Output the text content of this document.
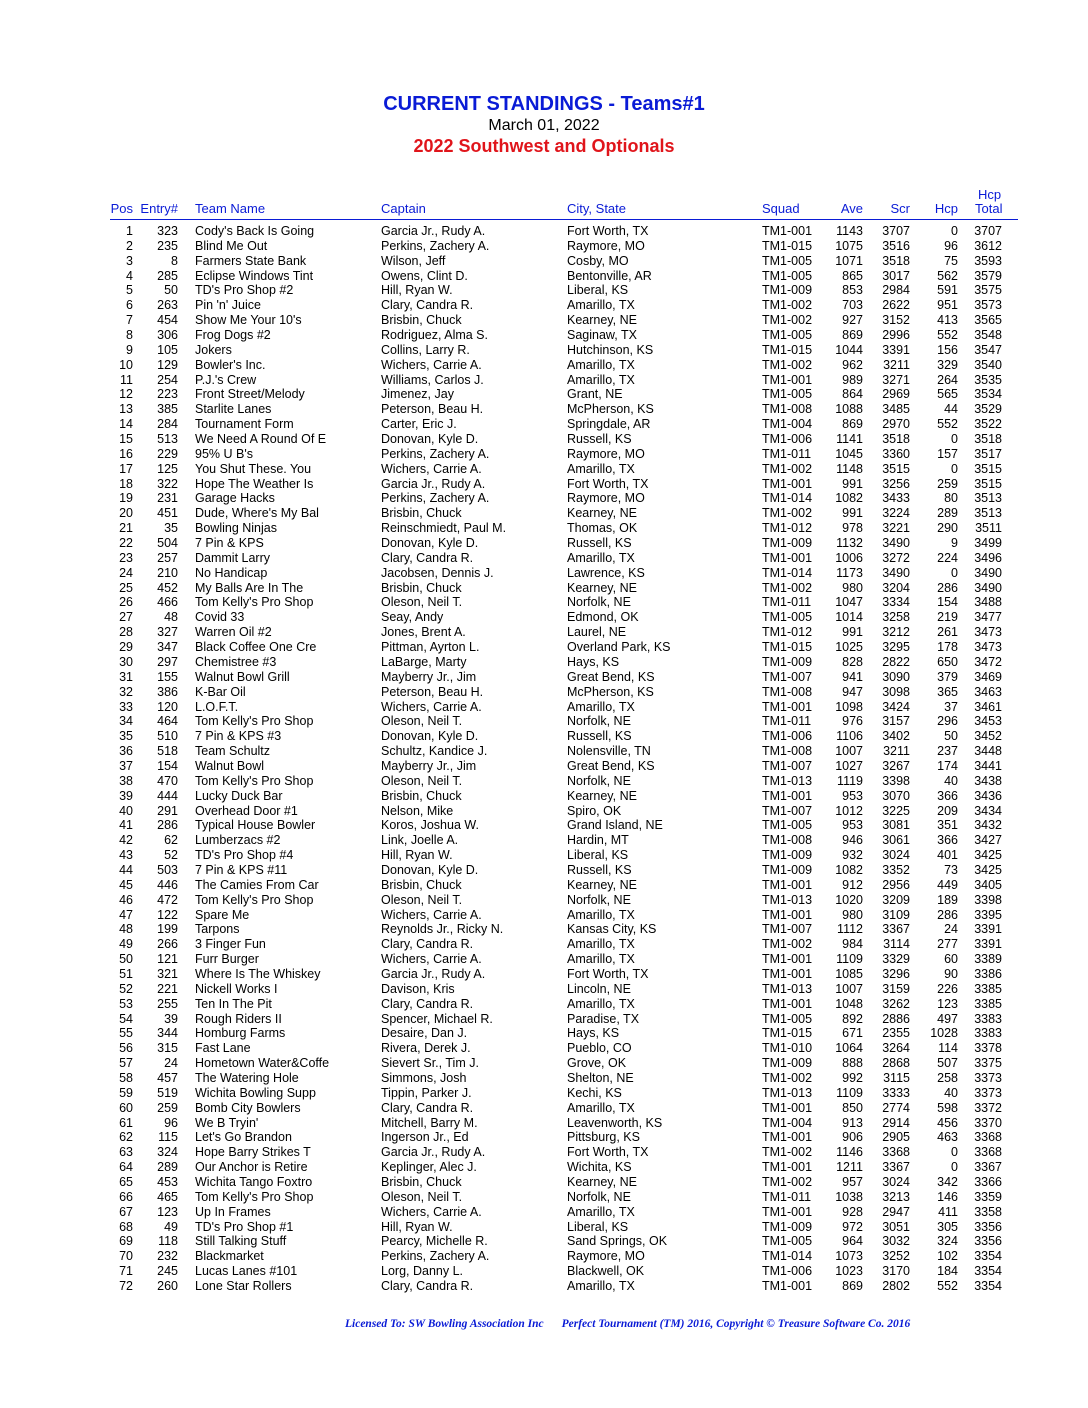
CURRENT STANDINGS - Teams#1
March 01, 2022
2022 Southwest and Optionals
Pos Entry# Team Name	Captain	City, State	Squad	Ave Scr Hcp
Hcp
Total
1 323 Cody's Back Is Going	Garcia Jr., Rudy A.	Fort Worth, TX	TM1-001 1143 3707	0 3707
2 235 Blind Me Out	Perkins, Zachery A.	Raymore, MO	TM1-015 1075 3516	96 3612
3	8 Farmers State Bank	Wilson, Jeff	Cosby, MO	TM1-005 1071 3518	75 3593
4 285 Eclipse Windows Tint	Owens, Clint D.	Bentonville, AR	TM1-005 865 3017 562 3579
5 50 TD's Pro Shop #2	Hill, Ryan W.	Liberal, KS	TM1-009 853 2984 591 3575
6 263 Pin 'n' Juice	Clary, Candra R.	Amarillo, TX	TM1-002 703 2622 951 3573
7 454 Show Me Your 10's	Brisbin, Chuck	Kearney, NE	TM1-002 927 3152 413 3565
8 306 Frog Dogs #2	Rodriguez, Alma S.	Saginaw, TX	TM1-005 869 2996 552 3548
9 105 Jokers	Collins, Larry R.	Hutchinson, KS	TM1-015 1044 3391 156 3547
10 129 Bowler's Inc.	Wichers, Carrie A.	Amarillo, TX	TM1-002 962 3211 329 3540
11 254 P.J.'s Crew	Williams, Carlos J.	Amarillo, TX	TM1-001 989 3271 264 3535
12 223 Front Street/Melody	Jimenez, Jay	Grant, NE	TM1-005 864 2969 565 3534
13 385 Starlite Lanes	Peterson, Beau H.	McPherson, KS	TM1-008 1088 3485	44 3529
14 284 Tournament Form	Carter, Eric J.	Springdale, AR	TM1-004 869 2970 552 3522
15 513 We Need A Round Of E	Donovan, Kyle D.	Russell, KS	TM1-006 1141 3518	0 3518
16 229 95% U B's	Perkins, Zachery A.	Raymore, MO	TM1-011 1045 3360 157 3517
17 125 You Shut These. You	Wichers, Carrie A.	Amarillo, TX	TM1-002 1148 3515	0 3515
18 322 Hope The Weather Is	Garcia Jr., Rudy A.	Fort Worth, TX	TM1-001 991 3256 259 3515
19 231 Garage Hacks	Perkins, Zachery A.	Raymore, MO	TM1-014 1082 3433	80 3513
20 451 Dude, Where's My Bal	Brisbin, Chuck	Kearney, NE	TM1-002 991 3224 289 3513
21 35 Bowling Ninjas	Reinschmiedt, Paul M.	Thomas, OK	TM1-012 978 3221 290 3511
22 504 7 Pin & KPS	Donovan, Kyle D.	Russell, KS	TM1-009 1132 3490	9 3499
23 257 Dammit Larry	Clary, Candra R.	Amarillo, TX	TM1-001 1006 3272 224 3496
24 210 No Handicap	Jacobsen, Dennis J.	Lawrence, KS	TM1-014 1173 3490	0 3490
25 452 My Balls Are In The	Brisbin, Chuck	Kearney, NE	TM1-002 980 3204 286 3490
26 466 Tom Kelly's Pro Shop	Oleson, Neil T.	Norfolk, NE	TM1-011 1047 3334 154 3488
27 48 Covid 33	Seay, Andy	Edmond, OK	TM1-005 1014 3258 219 3477
28 327 Warren Oil #2	Jones, Brent A.	Laurel, NE	TM1-012 991 3212 261 3473
29 347 Black Coffee One Cre	Pittman, Ayrton L.	Overland Park, KS	TM1-015 1025 3295 178 3473
30 297 Chemistree #3	LaBarge, Marty	Hays, KS	TM1-009 828 2822 650 3472
31 155 Walnut Bowl Grill	Mayberry Jr., Jim	Great Bend, KS	TM1-007 941 3090 379 3469
32 386 K-Bar Oil	Peterson, Beau H.	McPherson, KS	TM1-008 947 3098 365 3463
33 120 L.O.F.T.	Wichers, Carrie A.	Amarillo, TX	TM1-001 1098 3424	37 3461
34 464 Tom Kelly's Pro Shop	Oleson, Neil T.	Norfolk, NE	TM1-011 976 3157 296 3453
35 510 7 Pin & KPS #3	Donovan, Kyle D.	Russell, KS	TM1-006 1106 3402	50 3452
36 518 Team Schultz	Schultz, Kandice J.	Nolensville, TN	TM1-008 1007 3211 237 3448
37 154 Walnut Bowl	Mayberry Jr., Jim	Great Bend, KS	TM1-007 1027 3267 174 3441
38 470 Tom Kelly's Pro Shop	Oleson, Neil T.	Norfolk, NE	TM1-013 1119 3398	40 3438
39 444 Lucky Duck Bar	Brisbin, Chuck	Kearney, NE	TM1-001 953 3070 366 3436
40 291 Overhead Door #1	Nelson, Mike	Spiro, OK	TM1-007 1012 3225 209 3434
41 286 Typical House Bowler	Koros, Joshua W.	Grand Island, NE	TM1-005 953 3081 351 3432
42 62 Lumberzacs #2	Link, Joelle A.	Hardin, MT	TM1-008 946 3061 366 3427
43 52 TD's Pro Shop #4	Hill, Ryan W.	Liberal, KS	TM1-009 932 3024 401 3425
44 503 7 Pin & KPS #11	Donovan, Kyle D.	Russell, KS	TM1-009 1082 3352	73 3425
45 446 The Camies From Car	Brisbin, Chuck	Kearney, NE	TM1-001 912 2956 449 3405
46 472 Tom Kelly's Pro Shop	Oleson, Neil T.	Norfolk, NE	TM1-013 1020 3209 189 3398
47 122 Spare Me	Wichers, Carrie A.	Amarillo, TX	TM1-001 980 3109 286 3395
48 199 Tarpons	Reynolds Jr., Ricky N.	Kansas City, KS	TM1-007 1112 3367	24 3391
49 266 3 Finger Fun	Clary, Candra R.	Amarillo, TX	TM1-002 984 3114 277 3391
50 121 Furr Burger	Wichers, Carrie A.	Amarillo, TX	TM1-001 1109 3329	60 3389
51 321 Where Is The Whiskey	Garcia Jr., Rudy A.	Fort Worth, TX	TM1-001 1085 3296	90 3386
52 221 Nickell Works I	Davison, Kris	Lincoln, NE	TM1-013 1007 3159 226 3385
53 255 Ten In The Pit	Clary, Candra R.	Amarillo, TX	TM1-001 1048 3262 123 3385
54 39 Rough Riders II	Spencer, Michael R.	Paradise, TX	TM1-005 892 2886 497 3383
55 344 Homburg Farms	Desaire, Dan J.	Hays, KS	TM1-015 671 2355 1028 3383
56 315 Fast Lane	Rivera, Derek J.	Pueblo, CO	TM1-010 1064 3264 114 3378
57 24 Hometown Water&Coffe	Sievert Sr., Tim J.	Grove, OK	TM1-009 888 2868 507 3375
58 457 The Watering Hole	Simmons, Josh	Shelton, NE	TM1-002 992 3115 258 3373
59 519 Wichita Bowling Supp	Tippin, Parker J.	Kechi, KS	TM1-013 1109 3333	40 3373
60 259 Bomb City Bowlers	Clary, Candra R.	Amarillo, TX	TM1-001 850 2774 598 3372
61 96 We B Tryin'	Mitchell, Barry M.	Leavenworth, KS	TM1-004 913 2914 456 3370
62 115 Let's Go Brandon	Ingerson Jr., Ed	Pittsburg, KS	TM1-001 906 2905 463 3368
63 324 Hope Barry Strikes T	Garcia Jr., Rudy A.	Fort Worth, TX	TM1-002 1146 3368	0 3368
64 289 Our Anchor is Retire	Keplinger, Alec J.	Wichita, KS	TM1-001 1211 3367	0 3367
65 453 Wichita Tango Foxtro	Brisbin, Chuck	Kearney, NE	TM1-002 957 3024 342 3366
66 465 Tom Kelly's Pro Shop	Oleson, Neil T.	Norfolk, NE	TM1-011 1038 3213 146 3359
67 123 Up In Frames	Wichers, Carrie A.	Amarillo, TX	TM1-001 928 2947 411 3358
68 49 TD's Pro Shop #1	Hill, Ryan W.	Liberal, KS	TM1-009 972 3051 305 3356
69 118 Still Talking Stuff	Pearcy, Michelle R.	Sand Springs, OK	TM1-005 964 3032 324 3356
70 232 Blackmarket	Perkins, Zachery A.	Raymore, MO	TM1-014 1073 3252 102 3354
71 245 Lucas Lanes #101	Lorg, Danny L.	Blackwell, OK	TM1-006 1023 3170 184 3354
72 260 Lone Star Rollers	Clary, Candra R.	Amarillo, TX	TM1-001 869 2802 552 3354
Licensed To: SW Bowling Association Inc Perfect Tournament (TM) 2016, Copyright © Treasure Software Co. 2016
